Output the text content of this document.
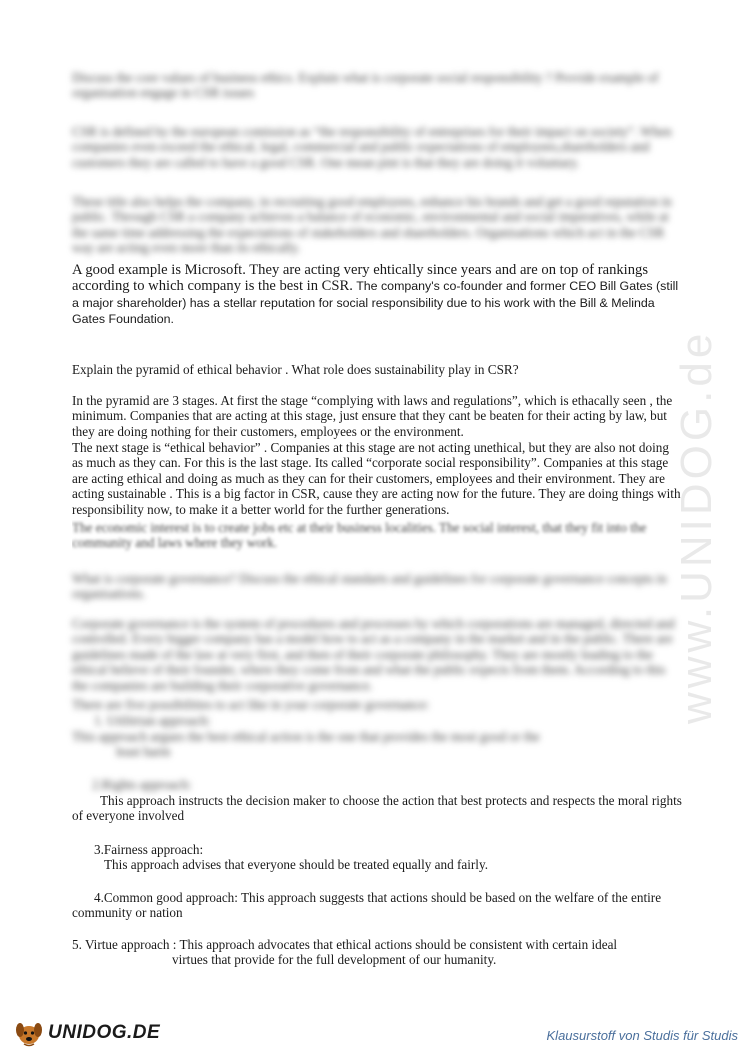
www.UNIDOG.de

Discuss the core values of business ethics. Explain what is corporate social responsibility ? Provide example of organisation engage in CSR issues

CSR is defined by the european comission as “the responsibility of entreprises for their impact on society”. When companies even exceed the ethical, legal, commercial and public expectations of employees,shareholders and customers they are called to have a good CSR. One mean pint is that they are doing it voluntary.

These title also helps the company, in recruiting good employees, enhance his brands and get a good reputation in public. Through CSR a company achieves a balance of economic, environmental and social imperatives, while at the same time addressing the expectations of stakeholders and shareholders. Organisations which act in the CSR way are acting even more than its ethically.

A good example is Microsoft. They are acting very ehtically since years and are on top of rankings according to which company is the best in CSR. The company's co-founder and former CEO Bill Gates (still a major shareholder) has a stellar reputation for social responsibility due to his work with the Bill & Melinda Gates Foundation.

Explain the pyramid of ethical behavior . What role does sustainability play in CSR?

In the pyramid are 3 stages. At first the stage “complying with laws and regulations”, which is ethacally seen , the minimum. Companies that are acting at this stage, just ensure that they cant be beaten for their acting by law, but they are doing nothing for their customers, employees or the environment.

The next stage is “ethical behavior” . Companies at this stage are not acting unethical, but they are also not doing as much as they can. For this is the last stage. Its called “corporate social responsibility”. Companies at this stage are acting ethical and doing as much as they can for their customers, employees and their environment. They are acting sustainable . This is a big factor in CSR, cause they are acting now for the future. They are doing things with responsibility now, to make it a better world for the further generations.

The economic interest is to create jobs etc at their business localities. The social interest, that they fit into the community and laws where they work.

What is corporate governance? Discuss the ethical standarts and guidelines for corporate governance concepts in organisations.

Corporate governance is the system of procedures and processes by which corporations are managed, directed and controlled. Every bigger company has a model how to act as a company in the market and in the public. There are guidelines made of the law at very first, and then of their corporate philosophy. They are mostly leading to the ethical believe of their founder, where they come from and what the public expects from them. According to this the companies are building their corporative governance.

There are five possibilities to act like in your corporate governance:

1. Utilitrian approach:

This approach argues the best ethical action is the one that provides the most good or the
least harm

2.Rights approach:

This approach instructs the decision maker to choose the action that best protects and respects the moral rights of everyone involved

3.Fairness approach:

This approach advises that everyone should be treated equally and fairly.

4.Common good approach: This approach suggests that actions should be based on the welfare of the entire community or nation

5. Virtue approach : This approach advocates that ethical actions should be consistent with certain ideal

virtues that provide for the full development of our humanity.

UNIDOG.DE	Klausurstoff von Studis für Studis
